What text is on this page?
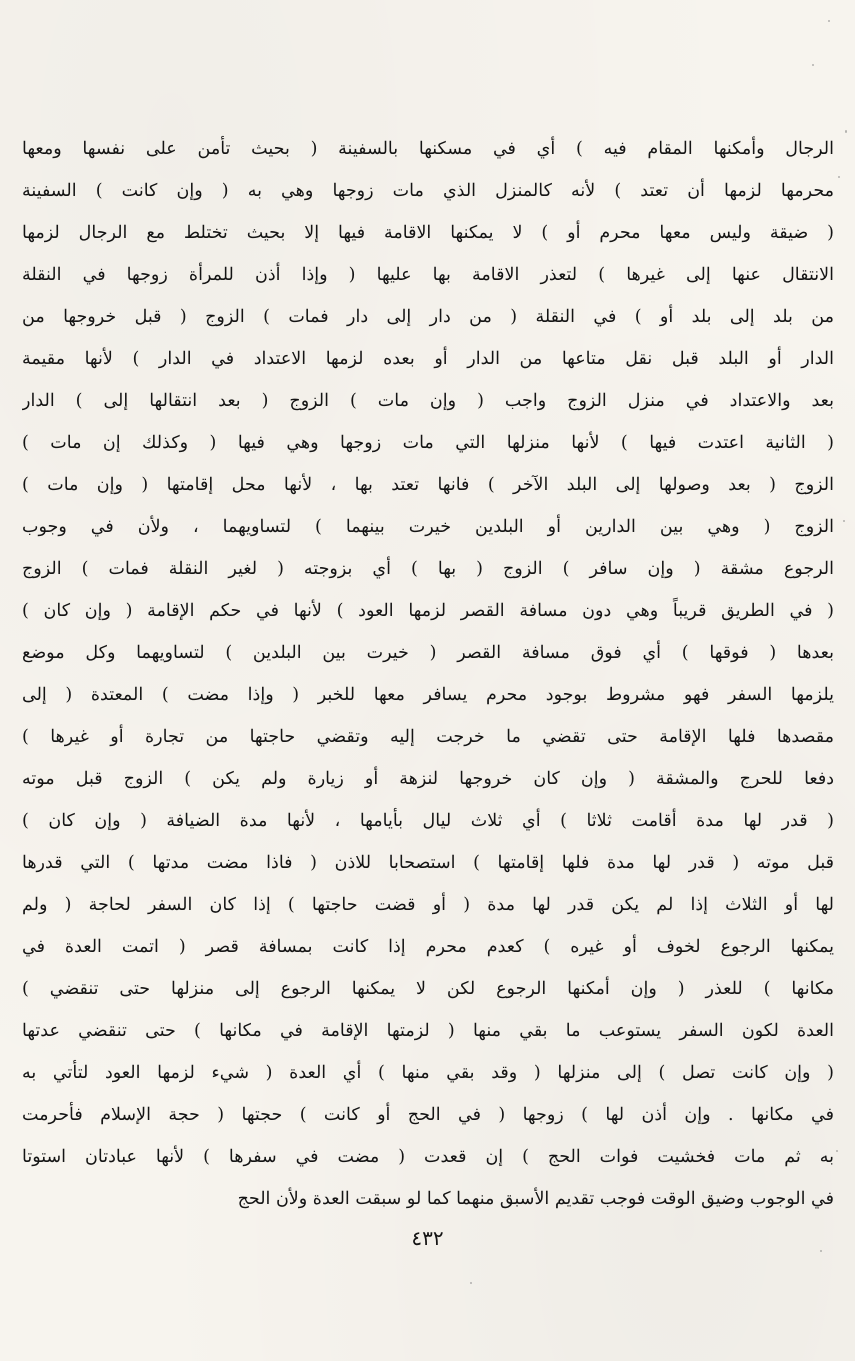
الرجال وأمكنها المقام فيه ) أي في مسكنها بالسفينة ( بحيث تأمن على نفسها ومعها
محرمها لزمها أن تعتد ) لأنه كالمنزل الذي مات زوجها وهي به ( وإن كانت ) السفينة
( ضيقة وليس معها محرم أو ) لا يمكنها الاقامة فيها إلا بحيث تختلط مع الرجال لزمها
الانتقال عنها إلى غيرها ) لتعذر الاقامة بها عليها ( وإذا أذن للمرأة زوجها في النقلة
من بلد إلى بلد أو ) في النقلة ( من دار إلى دار فمات ) الزوج ( قبل خروجها من
الدار أو البلد قبل نقل متاعها من الدار أو بعده لزمها الاعتداد في الدار ) لأنها مقيمة
بعد والاعتداد في منزل الزوج واجب ( وإن مات ) الزوج ( بعد انتقالها إلى ) الدار
( الثانية اعتدت فيها ) لأنها منزلها التي مات زوجها وهي فيها ( وكذلك إن مات )
الزوج ( بعد وصولها إلى البلد الآخر ) فانها تعتد بها ، لأنها محل إقامتها ( وإن مات )
الزوج ( وهي بين الدارين أو البلدين خيرت بينهما ) لتساويهما ، ولأن في وجوب
الرجوع مشقة ( وإن سافر ) الزوج ( بها ) أي بزوجته ( لغير النقلة فمات ) الزوج
( في الطريق قريباً وهي دون مسافة القصر لزمها العود ) لأنها في حكم الإقامة ( وإن كان )
بعدها ( فوقها ) أي فوق مسافة القصر ( خيرت بين البلدين ) لتساويهما وكل موضع
يلزمها السفر فهو مشروط بوجود محرم يسافر معها للخبر ( وإذا مضت ) المعتدة ( إلى
مقصدها فلها الإقامة حتى تقضي ما خرجت إليه وتقضي حاجتها من تجارة أو غيرها )
دفعا للحرج والمشقة ( وإن كان خروجها لنزهة أو زيارة ولم يكن ) الزوج قبل موته
( قدر لها مدة أقامت ثلاثا ) أي ثلاث ليال بأيامها ، لأنها مدة الضيافة ( وإن كان )
قبل موته ( قدر لها مدة فلها إقامتها ) استصحابا للاذن ( فاذا مضت مدتها ) التي قدرها
لها أو الثلاث إذا لم يكن قدر لها مدة ( أو قضت حاجتها ) إذا كان السفر لحاجة ( ولم
يمكنها الرجوع لخوف أو غيره ) كعدم محرم إذا كانت بمسافة قصر ( اتمت العدة في
مكانها ) للعذر ( وإن أمكنها الرجوع لكن لا يمكنها الرجوع إلى منزلها حتى تنقضي )
العدة لكون السفر يستوعب ما بقي منها ( لزمتها الإقامة في مكانها ) حتى تنقضي عدتها
( وإن كانت تصل ) إلى منزلها ( وقد بقي منها ) أي العدة ( شيء لزمها العود لتأتي به
في مكانها . وإن أذن لها ) زوجها ( في الحج أو كانت ) حجتها ( حجة الإسلام فأحرمت
به ثم مات فخشيت فوات الحج ) إن قعدت ( مضت في سفرها ) لأنها عبادتان استوتا
في الوجوب وضيق الوقت فوجب تقديم الأسبق منهما كما لو سبقت العدة ولأن الحج
٤٣٢
